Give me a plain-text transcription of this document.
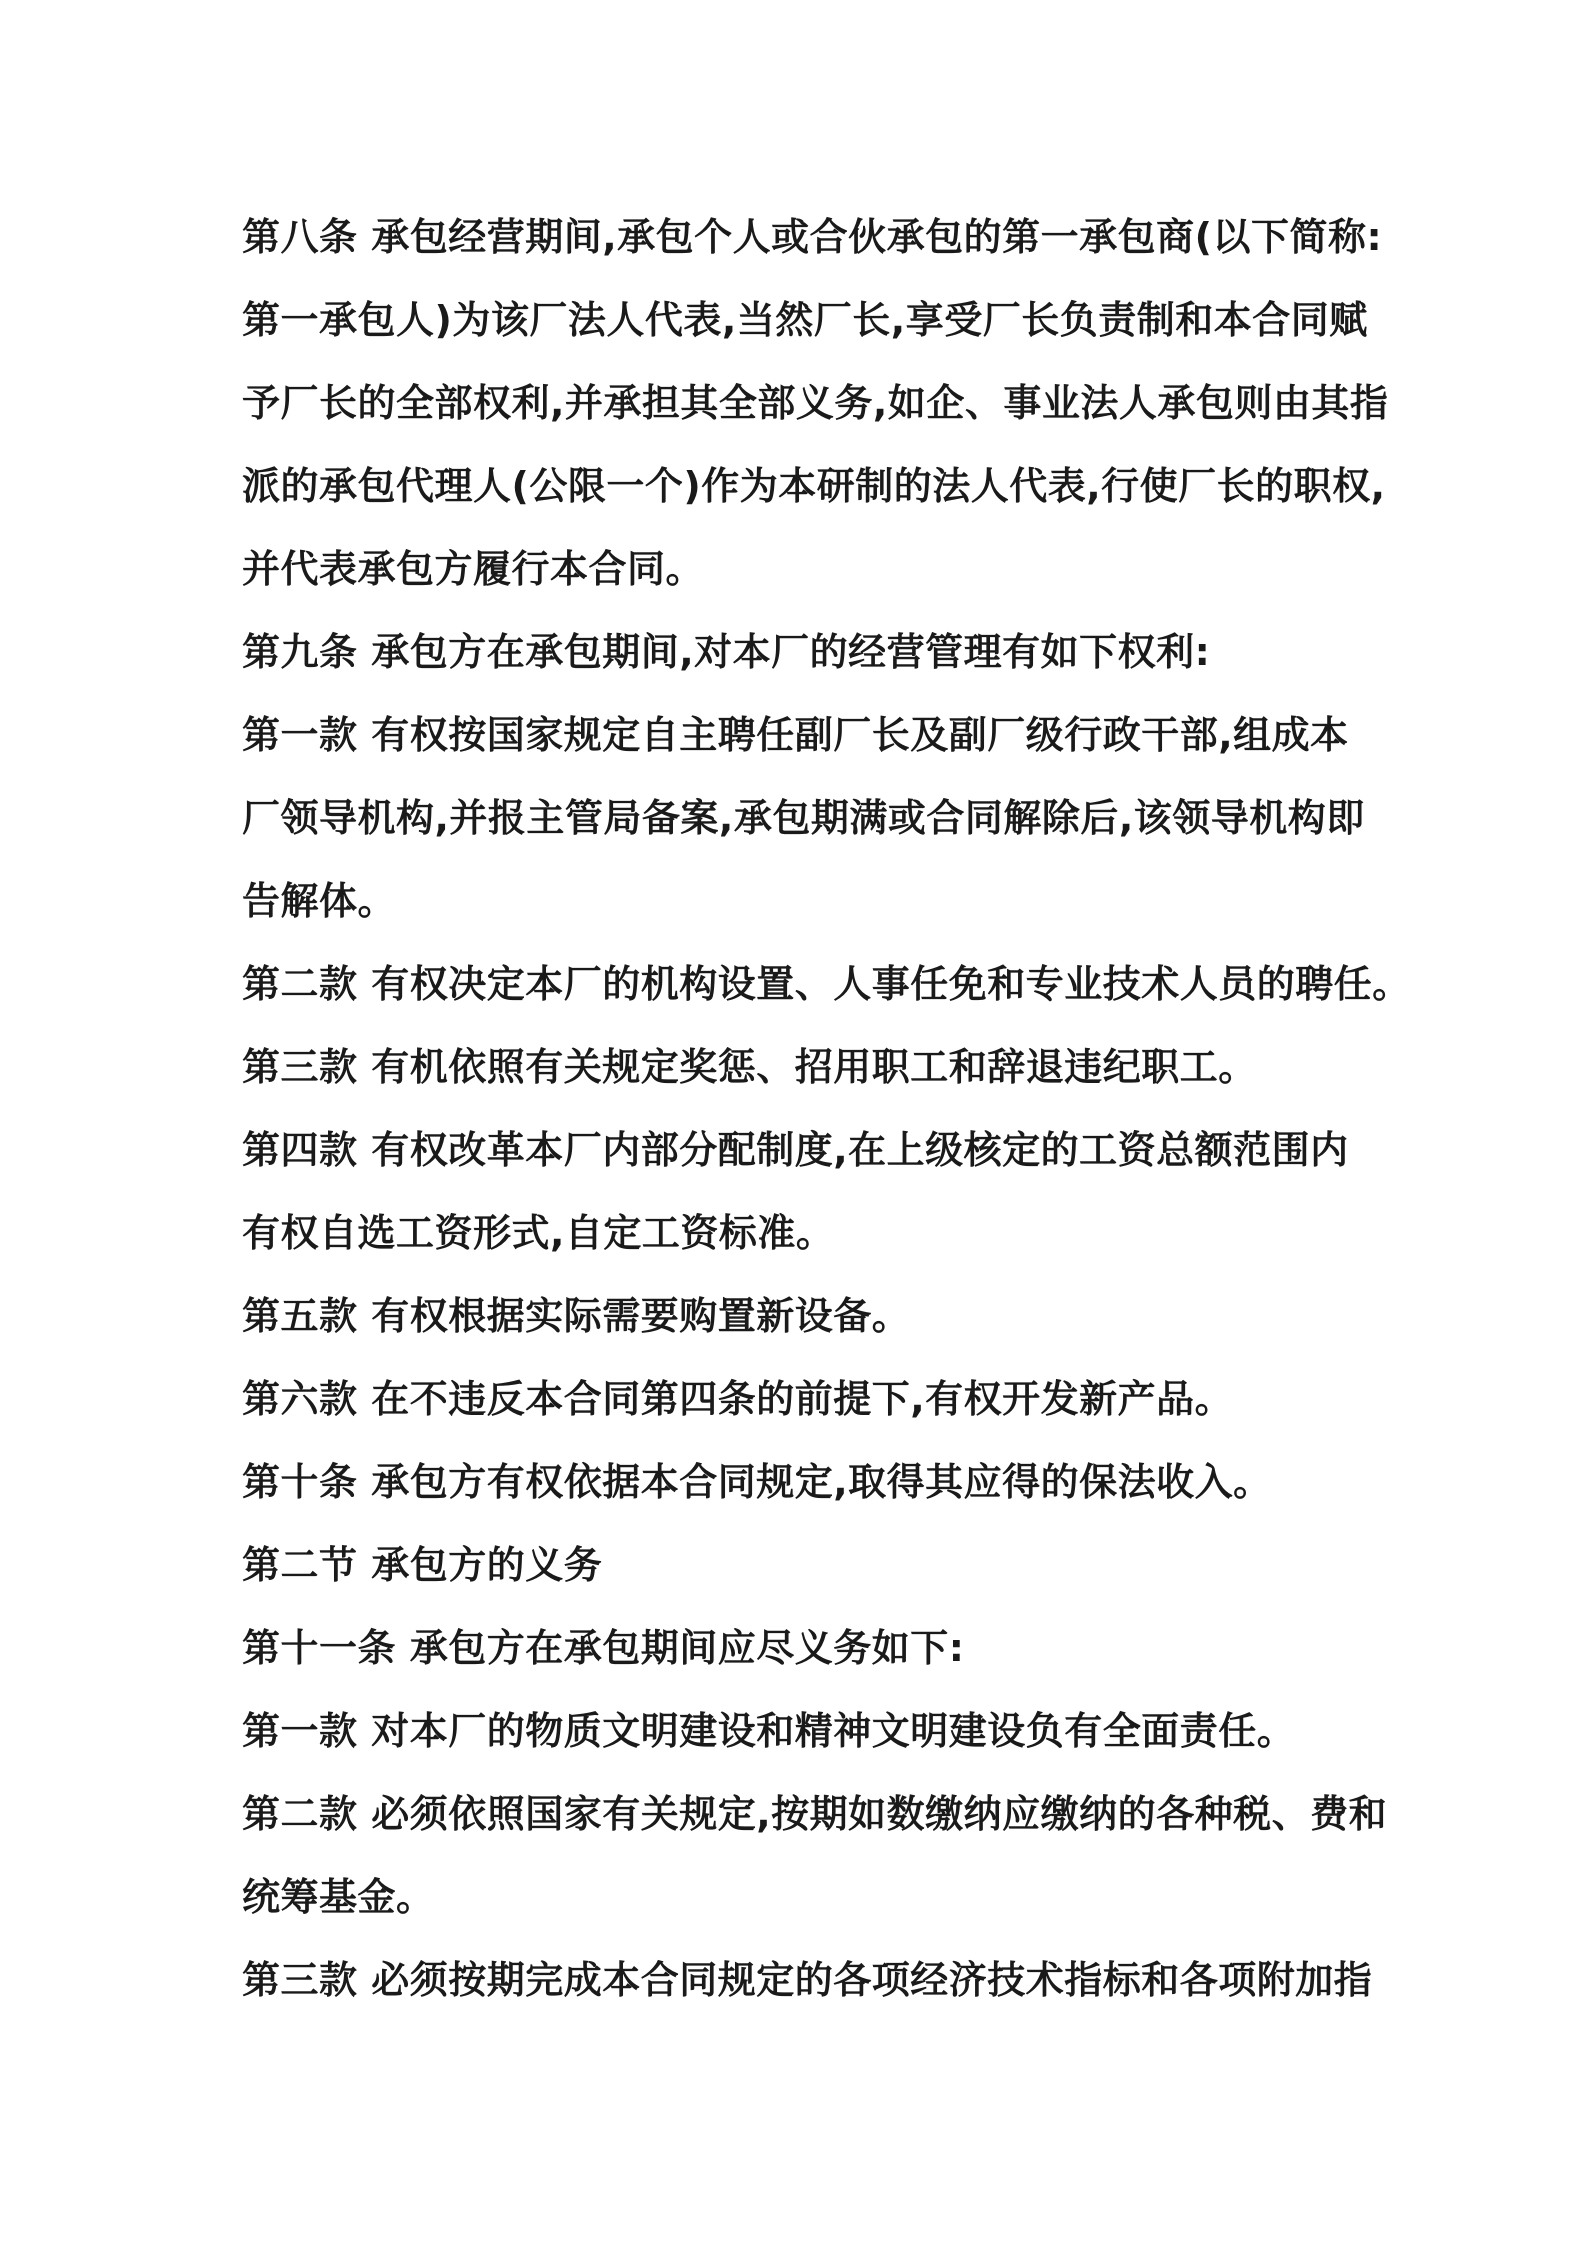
第八条 承包经营期间,承包个人或合伙承包的第一承包商(以下简称:
第一承包人)为该厂法人代表,当然厂长,享受厂长负责制和本合同赋
予厂长的全部权利,并承担其全部义务,如企、事业法人承包则由其指
派的承包代理人(公限一个)作为本研制的法人代表,行使厂长的职权,
并代表承包方履行本合同。
第九条 承包方在承包期间,对本厂的经营管理有如下权利:
第一款 有权按国家规定自主聘任副厂长及副厂级行政干部,组成本
厂领导机构,并报主管局备案,承包期满或合同解除后,该领导机构即
告解体。
第二款 有权决定本厂的机构设置、人事任免和专业技术人员的聘任。
第三款 有机依照有关规定奖惩、招用职工和辞退违纪职工。
第四款 有权改革本厂内部分配制度,在上级核定的工资总额范围内
有权自选工资形式,自定工资标准。
第五款 有权根据实际需要购置新设备。
第六款 在不违反本合同第四条的前提下,有权开发新产品。
第十条 承包方有权依据本合同规定,取得其应得的保法收入。
第二节 承包方的义务
第十一条 承包方在承包期间应尽义务如下:
第一款 对本厂的物质文明建设和精神文明建设负有全面责任。
第二款 必须依照国家有关规定,按期如数缴纳应缴纳的各种税、费和
统筹基金。
第三款 必须按期完成本合同规定的各项经济技术指标和各项附加指
